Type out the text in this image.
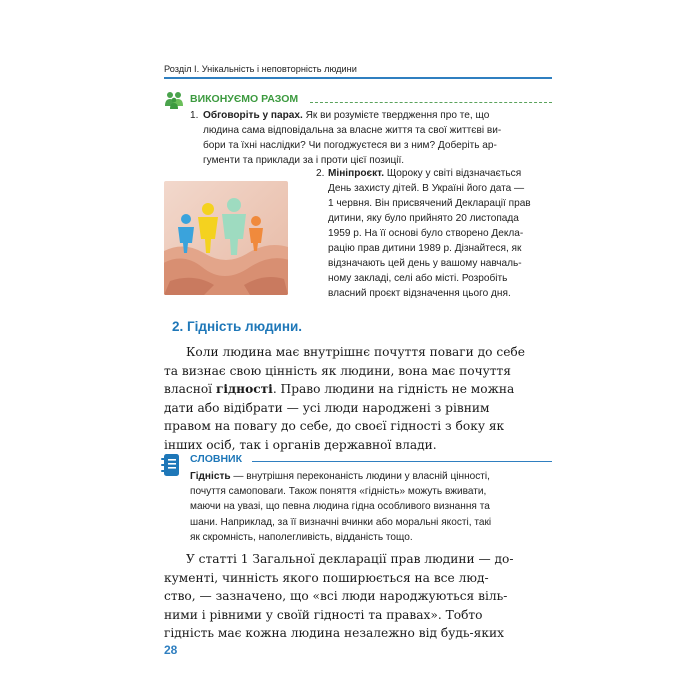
Розділ І. Унікальність і неповторність людини
ВИКОНУЄМО РАЗОМ
1. Обговоріть у парах. Як ви розумієте твердження про те, що
людина сама відповідальна за власне життя та свої життєві ви-
бори та їхні наслідки? Чи погоджуєтеся ви з ним? Доберіть ар-
гументи та приклади за і проти цієї позиції.
2. Мініпроєкт. Щороку у світі відзначається
День захисту дітей. В Україні його дата —
1 червня. Він присвячений Декларації прав
дитини, яку було прийнято 20 листопада
1959 р. На її основі було створено Декла-
рацію прав дитини 1989 р. Дізнайтеся, як
відзначають цей день у вашому навчаль-
ному закладі, селі або місті. Розробіть
власний проєкт відзначення цього дня.
2. Гідність людини.
Коли людина має внутрішнє почуття поваги до себе
та визнає свою цінність як людини, вона має почуття
власної гідності. Право людини на гідність не можна
дати або відібрати — усі люди народжені з рівним
правом на повагу до себе, до своєї гідності з боку як
інших осіб, так і органів державної влади.
СЛОВНИК
Гідність — внутрішня переконаність людини у власній цінності,
почуття самоповаги. Також поняття «гідність» можуть вживати,
маючи на увазі, що певна людина гідна особливого визнання та
шани. Наприклад, за її визначні вчинки або моральні якості, такі
як скромність, наполегливість, відданість тощо.
У статті 1 Загальної декларації прав людини — до-
кументі, чинність якого поширюється на все люд-
ство, — зазначено, що «всі люди народжуються віль-
ними і рівними у своїй гідності та правах». Тобто
гідність має кожна людина незалежно від будь-яких
28
